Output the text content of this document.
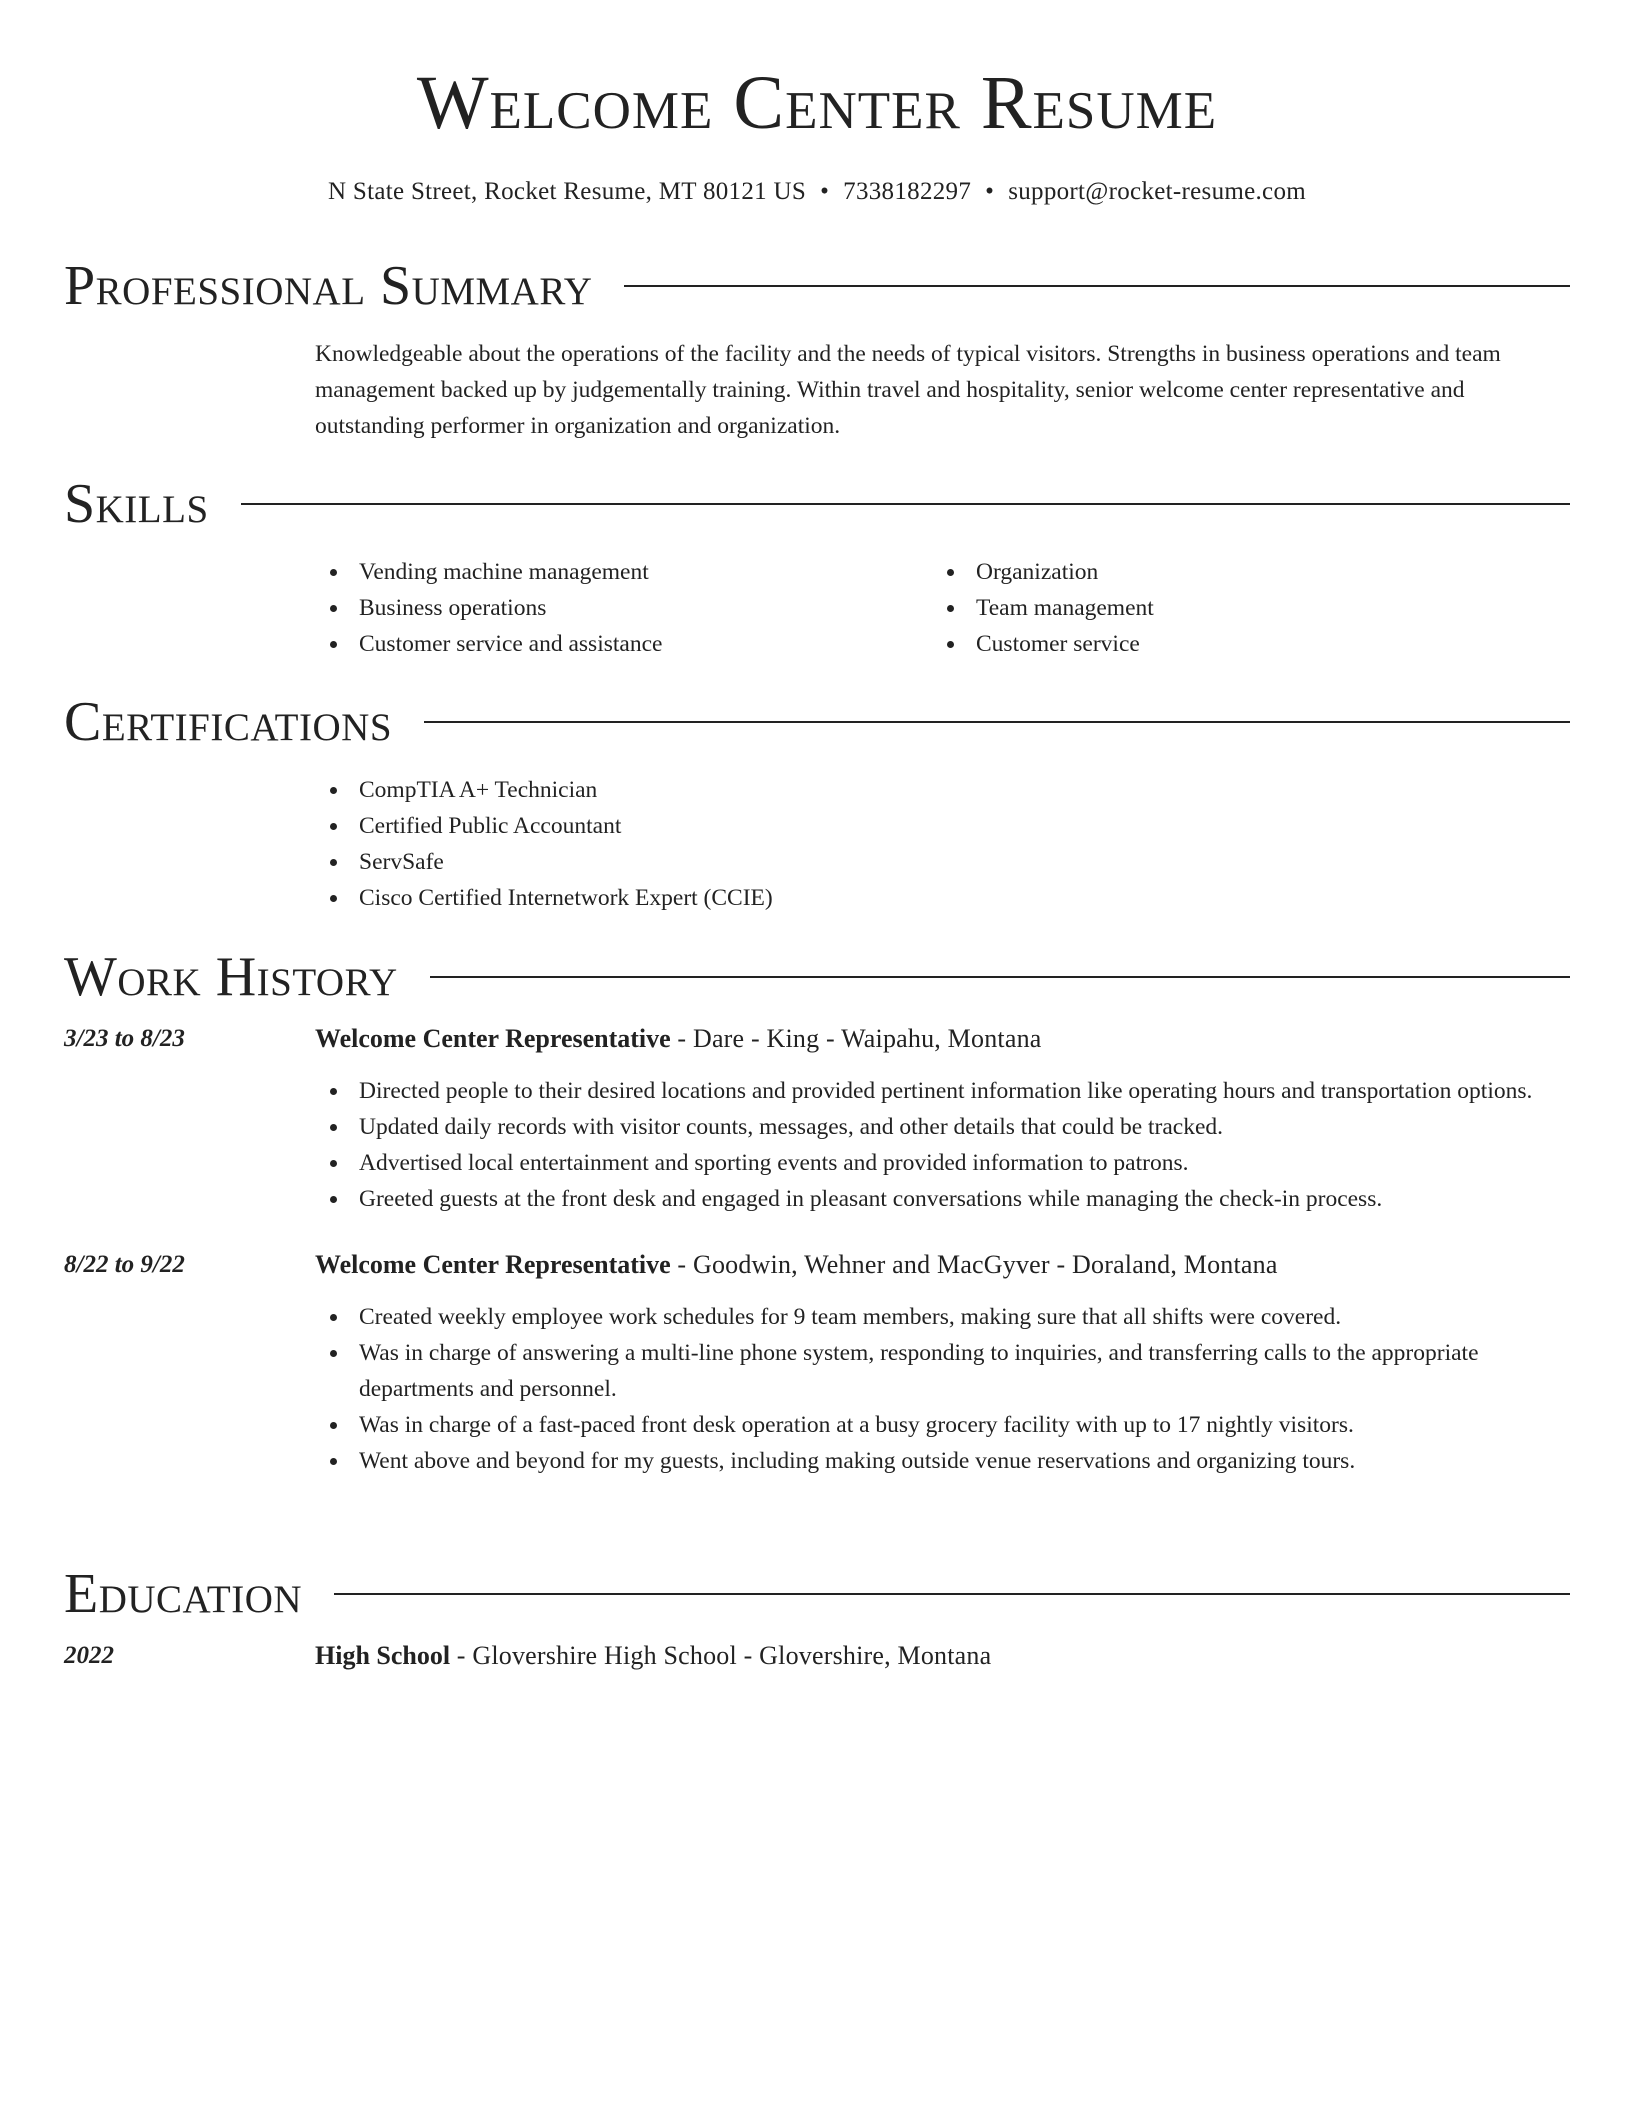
Welcome Center Resume
N State Street, Rocket Resume, MT 80121 US • 7338182297 • support@rocket-resume.com
Professional Summary

Knowledgeable about the operations of the facility and the needs of typical visitors. Strengths in business operations and team management backed up by judgementally training. Within travel and hospitality, senior welcome center representative and outstanding performer in organization and organization.

Skills
Vending machine management
Business operations
Customer service and assistance
Organization
Team management
Customer service
Certifications
CompTIA A+ Technician
Certified Public Accountant
ServSafe
Cisco Certified Internetwork Expert (CCIE)
Work History
3/23 to 8/23	Welcome Center Representative - Dare - King - Waipahu, Montana
Directed people to their desired locations and provided pertinent information like operating hours and transportation options.
Updated daily records with visitor counts, messages, and other details that could be tracked.
Advertised local entertainment and sporting events and provided information to patrons.
Greeted guests at the front desk and engaged in pleasant conversations while managing the check-in process.
8/22 to 9/22	Welcome Center Representative - Goodwin, Wehner and MacGyver - Doraland, Montana
Created weekly employee work schedules for 9 team members, making sure that all shifts were covered.
Was in charge of answering a multi-line phone system, responding to inquiries, and transferring calls to the appropriate departments and personnel.
Was in charge of a fast-paced front desk operation at a busy grocery facility with up to 17 nightly visitors.
Went above and beyond for my guests, including making outside venue reservations and organizing tours.
Education
2022	High School - Glovershire High School - Glovershire, Montana
